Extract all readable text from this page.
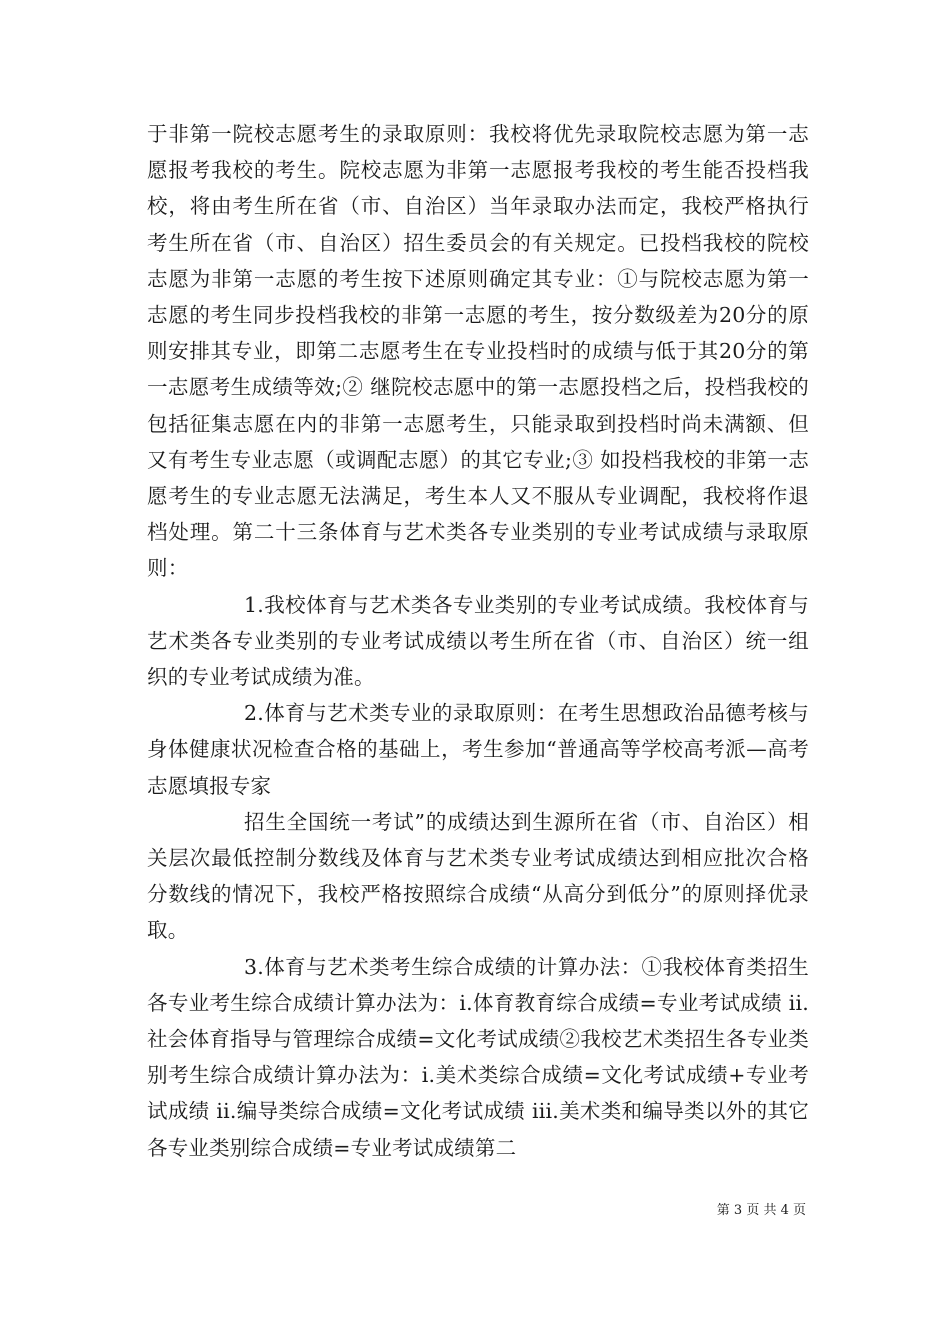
于非第一院校志愿考生的录取原则：我校将优先录取院校志愿为第一志愿报考我校的考生。院校志愿为非第一志愿报考我校的考生能否投档我校，将由考生所在省（市、自治区）当年录取办法而定，我校严格执行考生所在省（市、自治区）招生委员会的有关规定。已投档我校的院校志愿为非第一志愿的考生按下述原则确定其专业：①与院校志愿为第一志愿的考生同步投档我校的非第一志愿的考生，按分数级差为20分的原则安排其专业，即第二志愿考生在专业投档时的成绩与低于其20分的第一志愿考生成绩等效;② 继院校志愿中的第一志愿投档之后，投档我校的包括征集志愿在内的非第一志愿考生，只能录取到投档时尚未满额、但又有考生专业志愿（或调配志愿）的其它专业;③ 如投档我校的非第一志愿考生的专业志愿无法满足，考生本人又不服从专业调配，我校将作退档处理。第二十三条体育与艺术类各专业类别的专业考试成绩与录取原则：

1.我校体育与艺术类各专业类别的专业考试成绩。我校体育与艺术类各专业类别的专业考试成绩以考生所在省（市、自治区）统一组织的专业考试成绩为准。

2.体育与艺术类专业的录取原则：在考生思想政治品德考核与身体健康状况检查合格的基础上，考生参加“普通高等学校高考派—高考志愿填报专家

招生全国统一考试”的成绩达到生源所在省（市、自治区）相关层次最低控制分数线及体育与艺术类专业考试成绩达到相应批次合格分数线的情况下，我校严格按照综合成绩“从高分到低分”的原则择优录取。

3.体育与艺术类考生综合成绩的计算办法：①我校体育类招生各专业考生综合成绩计算办法为：i.体育教育综合成绩=专业考试成绩 ii.社会体育指导与管理综合成绩=文化考试成绩②我校艺术类招生各专业类别考生综合成绩计算办法为：i.美术类综合成绩=文化考试成绩+专业考试成绩 ii.编导类综合成绩=文化考试成绩 iii.美术类和编导类以外的其它各专业类别综合成绩=专业考试成绩第二

第 3 页 共 4 页
